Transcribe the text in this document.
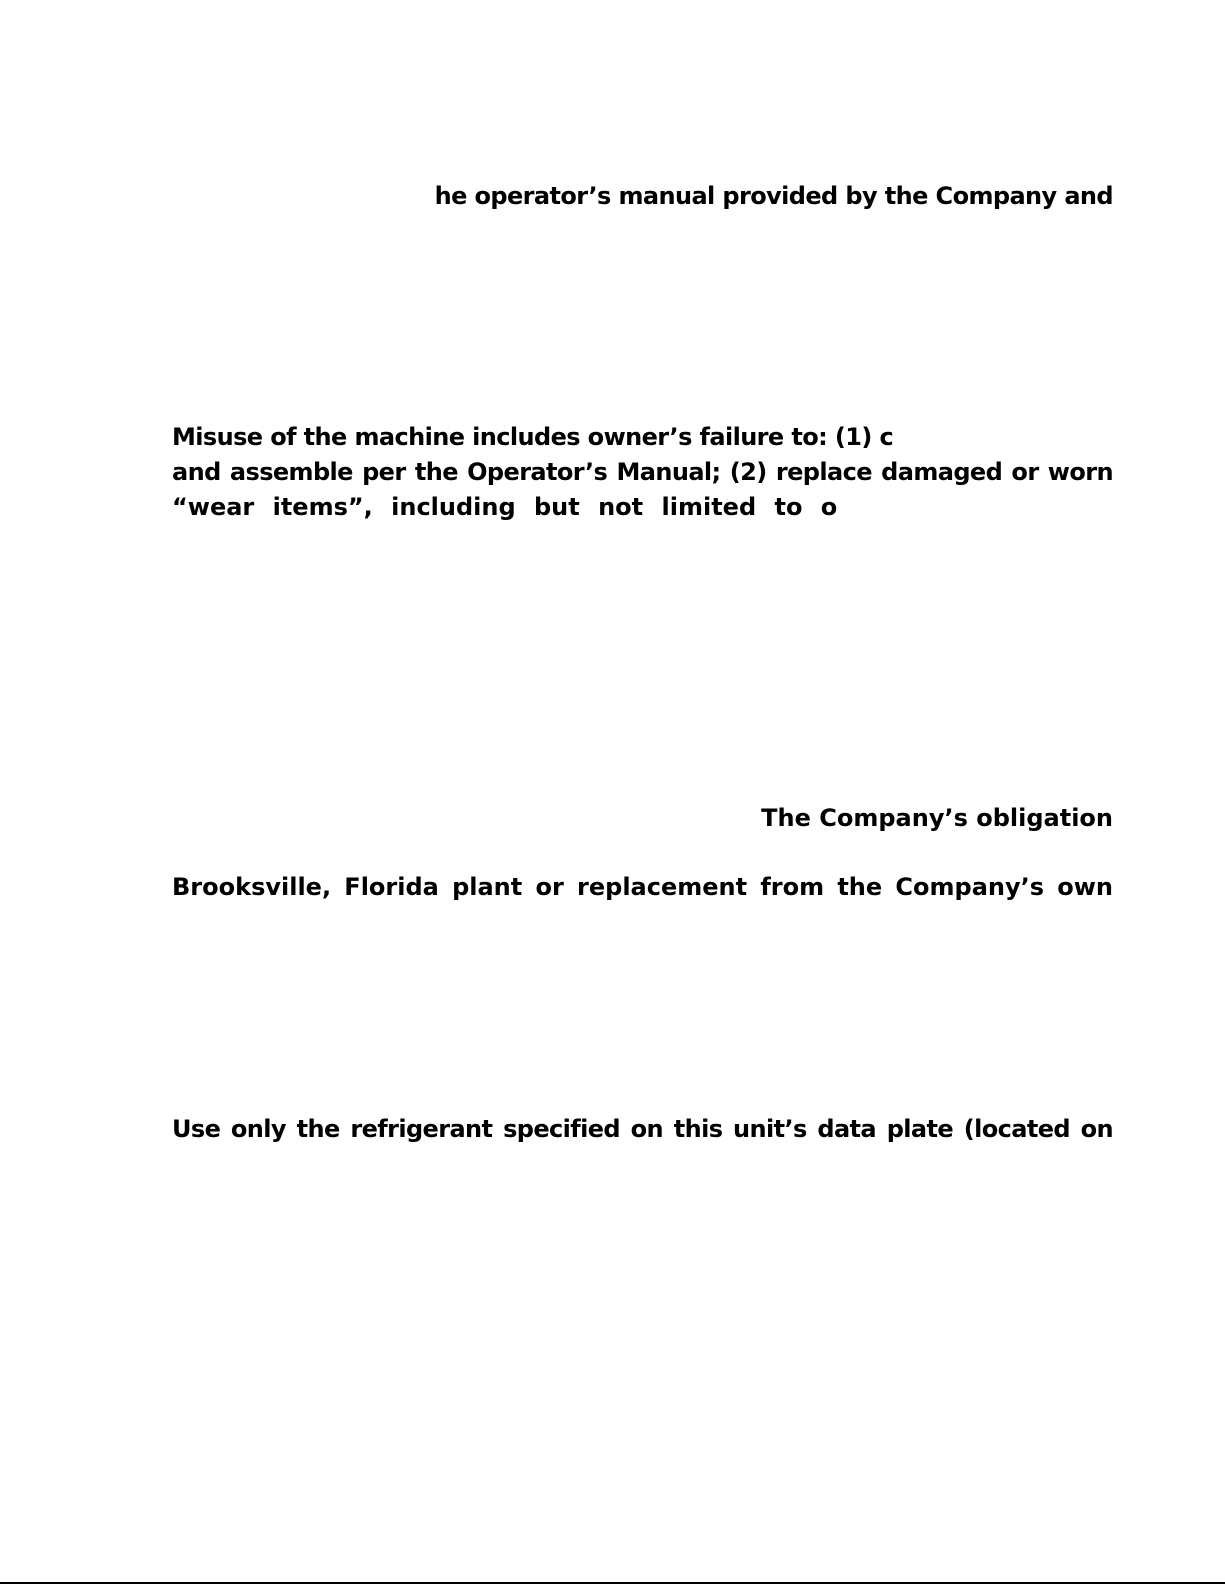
he operator’s manual provided by the Company and
Misuse of the machine includes owner’s failure to: (1) c
and assemble per the Operator’s Manual; (2) replace damaged or worn
“wear items”, including but not limited to o
The Company’s obligation
Brooksville, Florida plant or replacement from the Company’s own
Use only the refrigerant specified on this unit’s data plate (located on
